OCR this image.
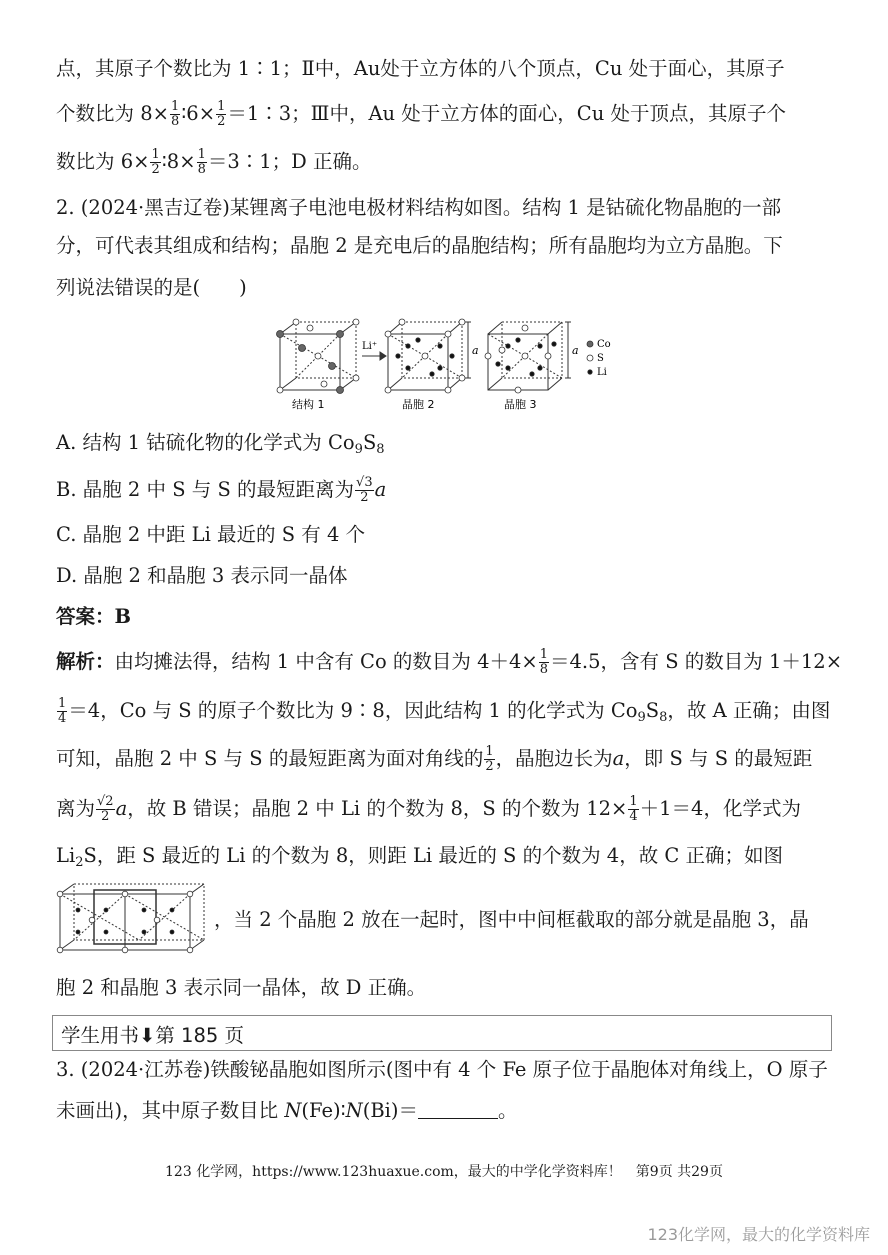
点，其原子个数比为 1∶1；Ⅱ中，Au处于立方体的八个顶点，Cu 处于面心，其原子
个数比为 $8\times \frac{1}{8}$ ∶6× $\frac{1}{2}$ ＝1∶3；Ⅲ中，Au 处于立方体的面心，Cu 处于顶点，其原子个
数比为 $6\times \frac{1}{2}$ ∶8× $\frac{1}{8}$ ＝3∶1；D 正确。
2. (2024·黑吉辽卷)某锂离子电池电极材料结构如图。结构 1 是钴硫化物晶胞的一部
分，可代表其组成和结构；晶胞 2 是充电后的晶胞结构；所有晶胞均为立方晶胞。下
列说法错误的是(　　)
Li⁺	a	a Co
S
Li
结构 1	晶胞 2	晶胞 3
A. 结构 1 钴硫化物的化学式为 $Co_9S_8$
B. 晶胞 2 中 S 与 S 的最短距离为 $\frac{√3}{2}$ a
C. 晶胞 2 中距 Li 最近的 S 有 4 个
D. 晶胞 2 和晶胞 3 表示同一晶体
答案：B
解析：由均摊法得，结构 1 中含有 Co 的数目为 $4+4\times \frac{1}{8} =4.5$，含有 S 的数目为 1＋12×
$\frac{1}{4} =4$，Co 与 S 的原子个数比为 9∶8，因此结构 1 的化学式为 $Co_9S_8$，故 A 正确；由图
可知，晶胞 2 中 S 与 S 的最短距离为面对角线的 $\frac{1}{2}$ ，晶胞边长为a，即 S 与 S 的最短距
离为 $\frac{√2}{2}$ a，故 B 错误；晶胞 2 中 Li 的个数为 8，S 的个数为 $12\times \frac{1}{4} +1=4$，化学式为
$Li_2S$，距 S 最近的 Li 的个数为 8，则距 Li 最近的 S 的个数为 4，故 C 正确；如图
，当 2 个晶胞 2 放在一起时，图中中间框截取的部分就是晶胞 3，晶
胞 2 和晶胞 3 表示同一晶体，故 D 正确。
学生用书⬇第 185 页
3. (2024·江苏卷)铁酸铋晶胞如图所示(图中有 4 个 Fe 原子位于晶胞体对角线上，O 原子
未画出)，其中原子数目比 N(Fe)∶N(Bi)＝	。
123 化学网，https://www.123huaxue.com，最大的中学化学资料库！　第9页 共29页
123化学网，最大的化学资料库
